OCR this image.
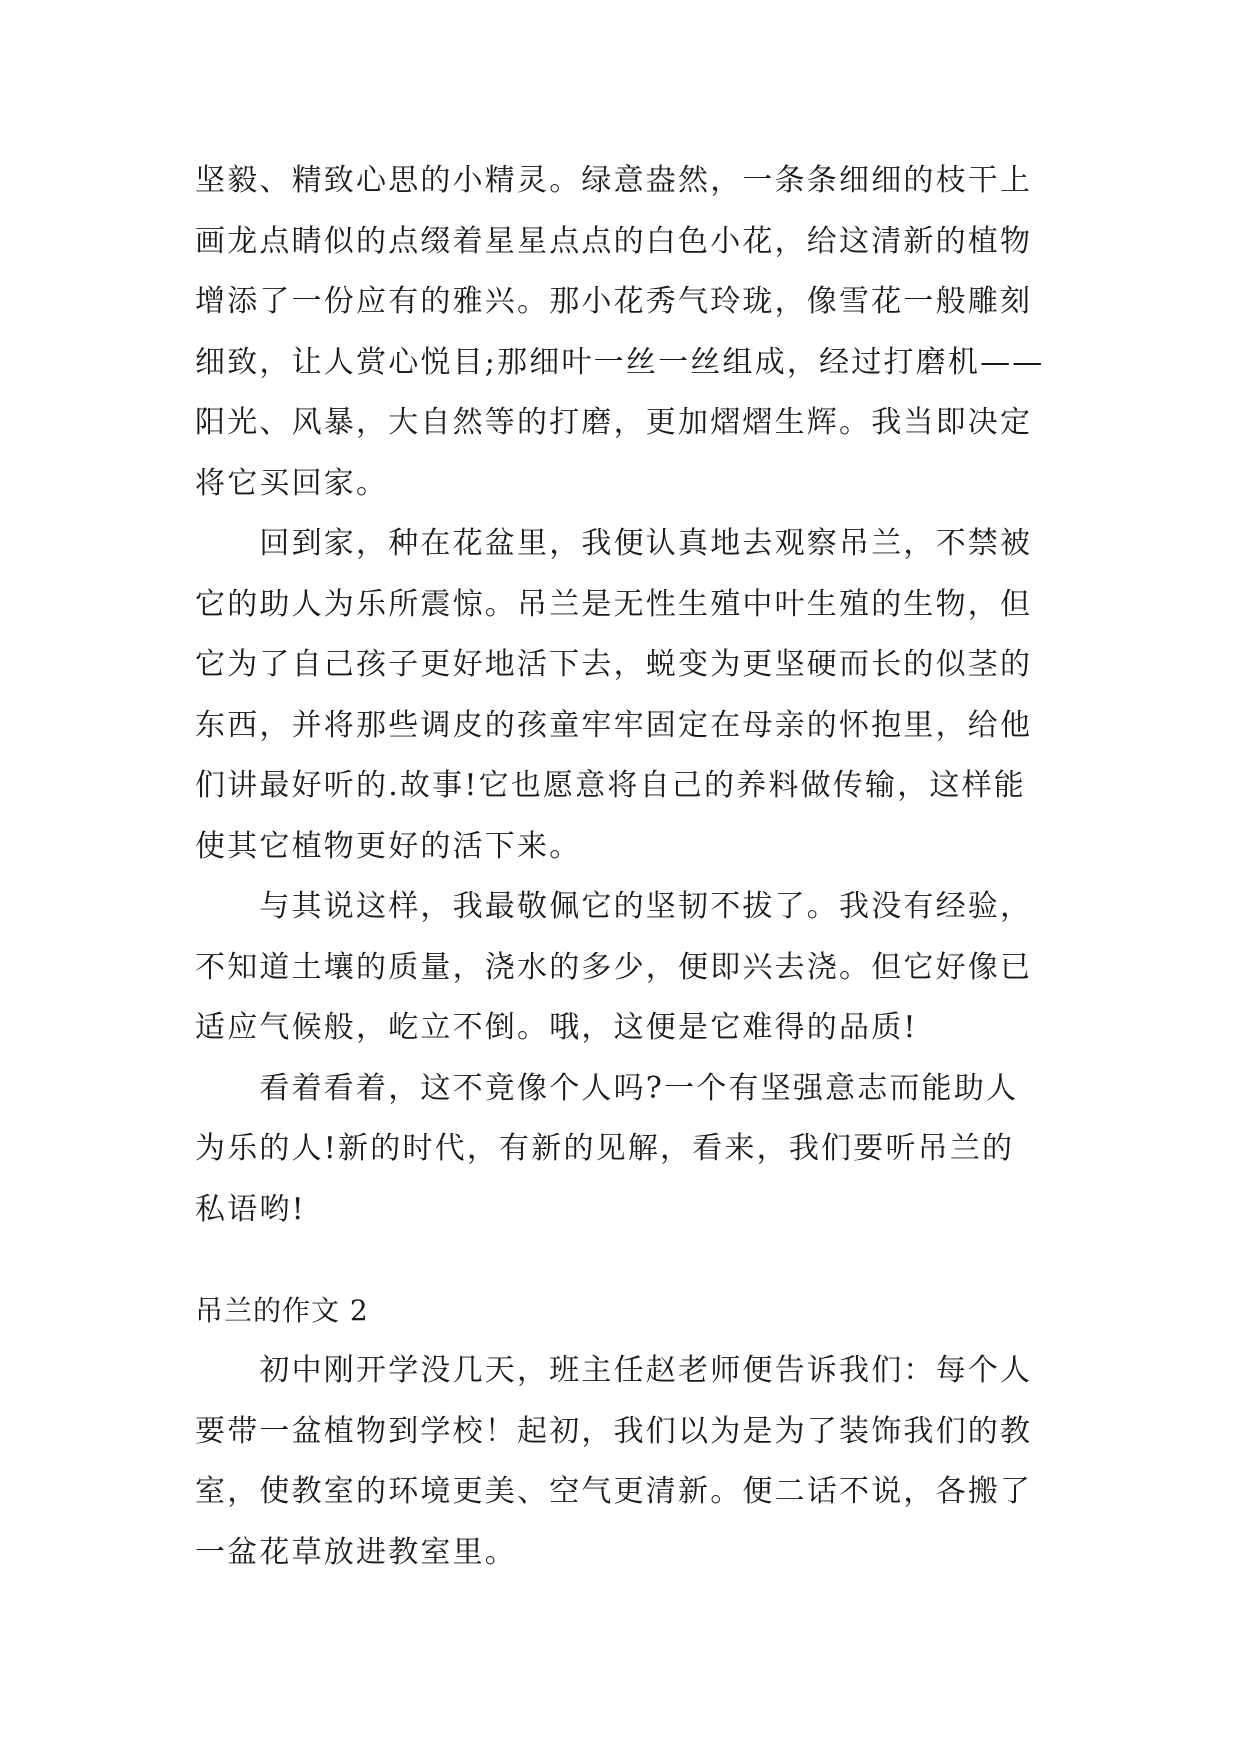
坚毅、精致心思的小精灵。绿意盎然，一条条细细的枝干上
画龙点睛似的点缀着星星点点的白色小花，给这清新的植物
增添了一份应有的雅兴。那小花秀气玲珑，像雪花一般雕刻
细致，让人赏心悦目;那细叶一丝一丝组成，经过打磨机——
阳光、风暴，大自然等的打磨，更加熠熠生辉。我当即决定
将它买回家。
　　回到家，种在花盆里，我便认真地去观察吊兰，不禁被
它的助人为乐所震惊。吊兰是无性生殖中叶生殖的生物，但
它为了自己孩子更好地活下去，蜕变为更坚硬而长的似茎的
东西，并将那些调皮的孩童牢牢固定在母亲的怀抱里，给他
们讲最好听的.故事!它也愿意将自己的养料做传输，这样能
使其它植物更好的活下来。
　　与其说这样，我最敬佩它的坚韧不拔了。我没有经验，
不知道土壤的质量，浇水的多少，便即兴去浇。但它好像已
适应气候般，屹立不倒。哦，这便是它难得的品质!
　　看着看着，这不竟像个人吗?一个有坚强意志而能助人
为乐的人!新的时代，有新的见解，看来，我们要听吊兰的
私语哟!
吊兰的作文 2
　　初中刚开学没几天，班主任赵老师便告诉我们：每个人
要带一盆植物到学校！起初，我们以为是为了装饰我们的教
室，使教室的环境更美、空气更清新。便二话不说，各搬了
一盆花草放进教室里。
